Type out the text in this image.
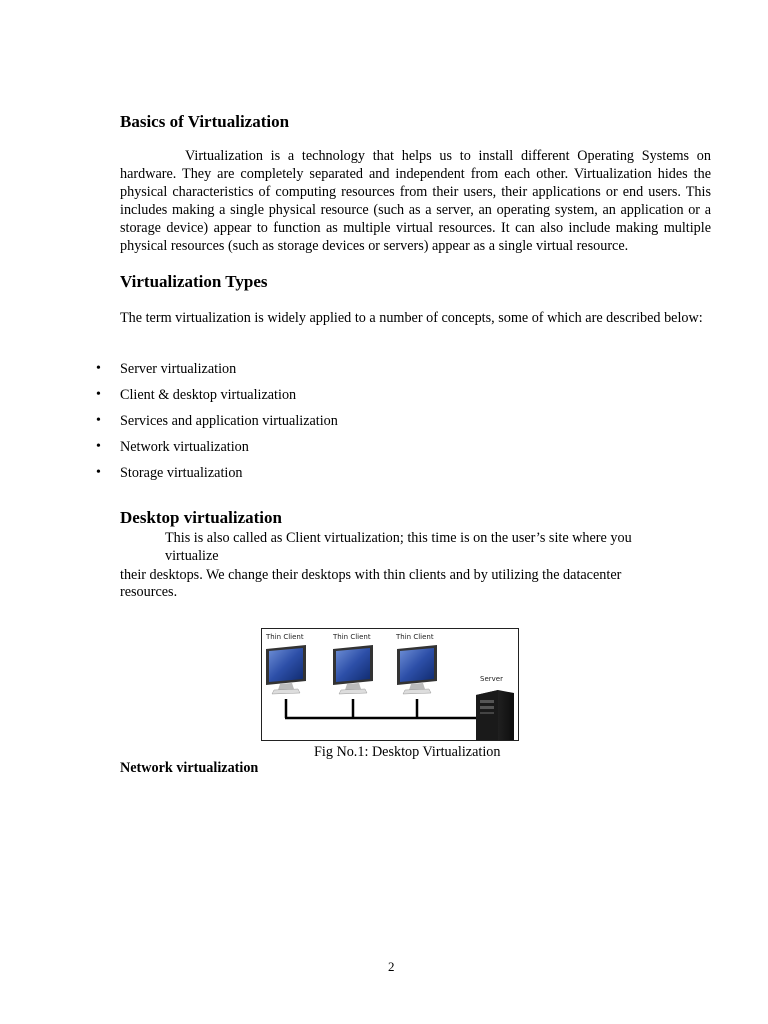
Basics of Virtualization

Virtualization is a technology that helps us to install different Operating Systems on hardware. They are completely separated and independent from each other. Virtualization hides the physical characteristics of computing resources from their users, their applications or end users. This includes making a single physical resource (such as a server, an operating system, an application or a storage device) appear to function as multiple virtual resources. It can also include making multiple physical resources (such as storage devices or servers) appear as a single virtual resource.

Virtualization Types

The term virtualization is widely applied to a number of concepts, some of which are described below:

• Server virtualization
• Client & desktop virtualization
• Services and application virtualization
• Network virtualization
• Storage virtualization
Desktop virtualization

This is also called as Client virtualization; this time is on the user’s site where you virtualize

their desktops. We change their desktops with thin clients and by utilizing the datacenter resources.

Thin Client	Thin Client	Thin Client
Server
Fig No.1: Desktop Virtualization
Network virtualization
2
